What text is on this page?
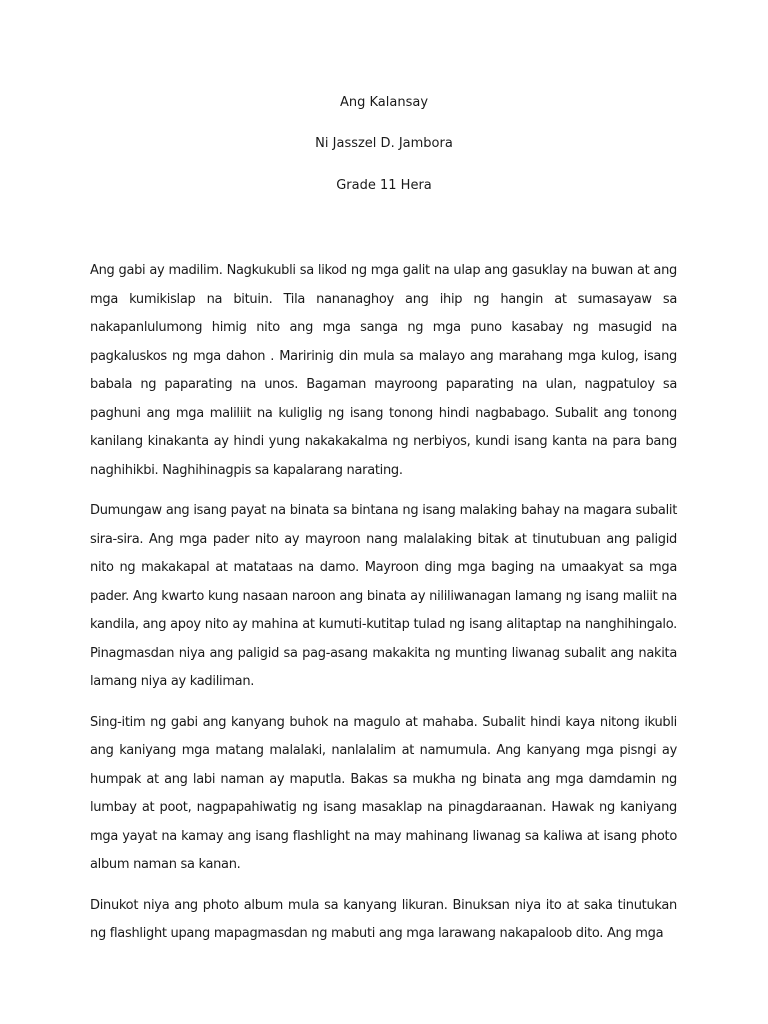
Ang Kalansay
Ni Jasszel D. Jambora
Grade 11 Hera

Ang gabi ay madilim. Nagkukubli sa likod ng mga galit na ulap ang gasuklay na buwan at ang mga kumikislap na bituin. Tila nananaghoy ang ihip ng hangin at sumasayaw sa nakapanlulumong himig nito ang mga sanga ng mga puno kasabay ng masugid na pagkaluskos ng mga dahon . Maririnig din mula sa malayo ang marahang mga kulog, isang babala ng paparating na unos. Bagaman mayroong paparating na ulan, nagpatuloy sa paghuni ang mga maliliit na kuliglig ng isang tonong hindi nagbabago. Subalit ang tonong kanilang kinakanta ay hindi yung nakakakalma ng nerbiyos, kundi isang kanta na para bang naghihikbi. Naghihinagpis sa kapalarang narating.

Dumungaw ang isang payat na binata sa bintana ng isang malaking bahay na magara subalit sira-sira. Ang mga pader nito ay mayroon nang malalaking bitak at tinutubuan ang paligid nito ng makakapal at matataas na damo. Mayroon ding mga baging na umaakyat sa mga pader. Ang kwarto kung nasaan naroon ang binata ay nililiwanagan lamang ng isang maliit na kandila, ang apoy nito ay mahina at kumuti-kutitap tulad ng isang alitaptap na nanghihingalo. Pinagmasdan niya ang paligid sa pag-asang makakita ng munting liwanag subalit ang nakita lamang niya ay kadiliman.

Sing-itim ng gabi ang kanyang buhok na magulo at mahaba. Subalit hindi kaya nitong ikubli ang kaniyang mga matang malalaki, nanlalalim at namumula. Ang kanyang mga pisngi ay humpak at ang labi naman ay maputla. Bakas sa mukha ng binata ang mga damdamin ng lumbay at poot, nagpapahiwatig ng isang masaklap na pinagdaraanan. Hawak ng kaniyang mga yayat na kamay ang isang flashlight na may mahinang liwanag sa kaliwa at isang photo album naman sa kanan.

Dinukot niya ang photo album mula sa kanyang likuran. Binuksan niya ito at saka tinutukan ng flashlight upang mapagmasdan ng mabuti ang mga larawang nakapaloob dito. Ang mga
